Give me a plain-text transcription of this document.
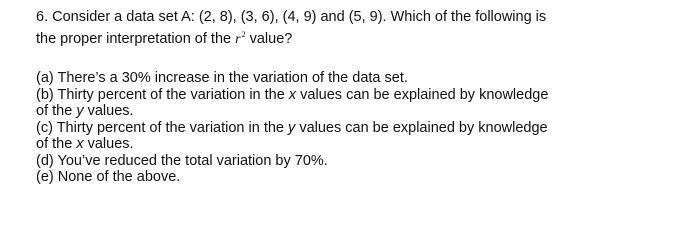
6. Consider a data set A: (2, 8), (3, 6), (4, 9) and (5, 9). Which of the following is
the proper interpretation of the $r^2$ value?

(a) There’s a 30% increase in the variation of the data set.

(b) Thirty percent of the variation in the x values can be explained by knowledge
of the y values.

(c) Thirty percent of the variation in the y values can be explained by knowledge
of the x values.

(d) You’ve reduced the total variation by 70%.

(e) None of the above.
